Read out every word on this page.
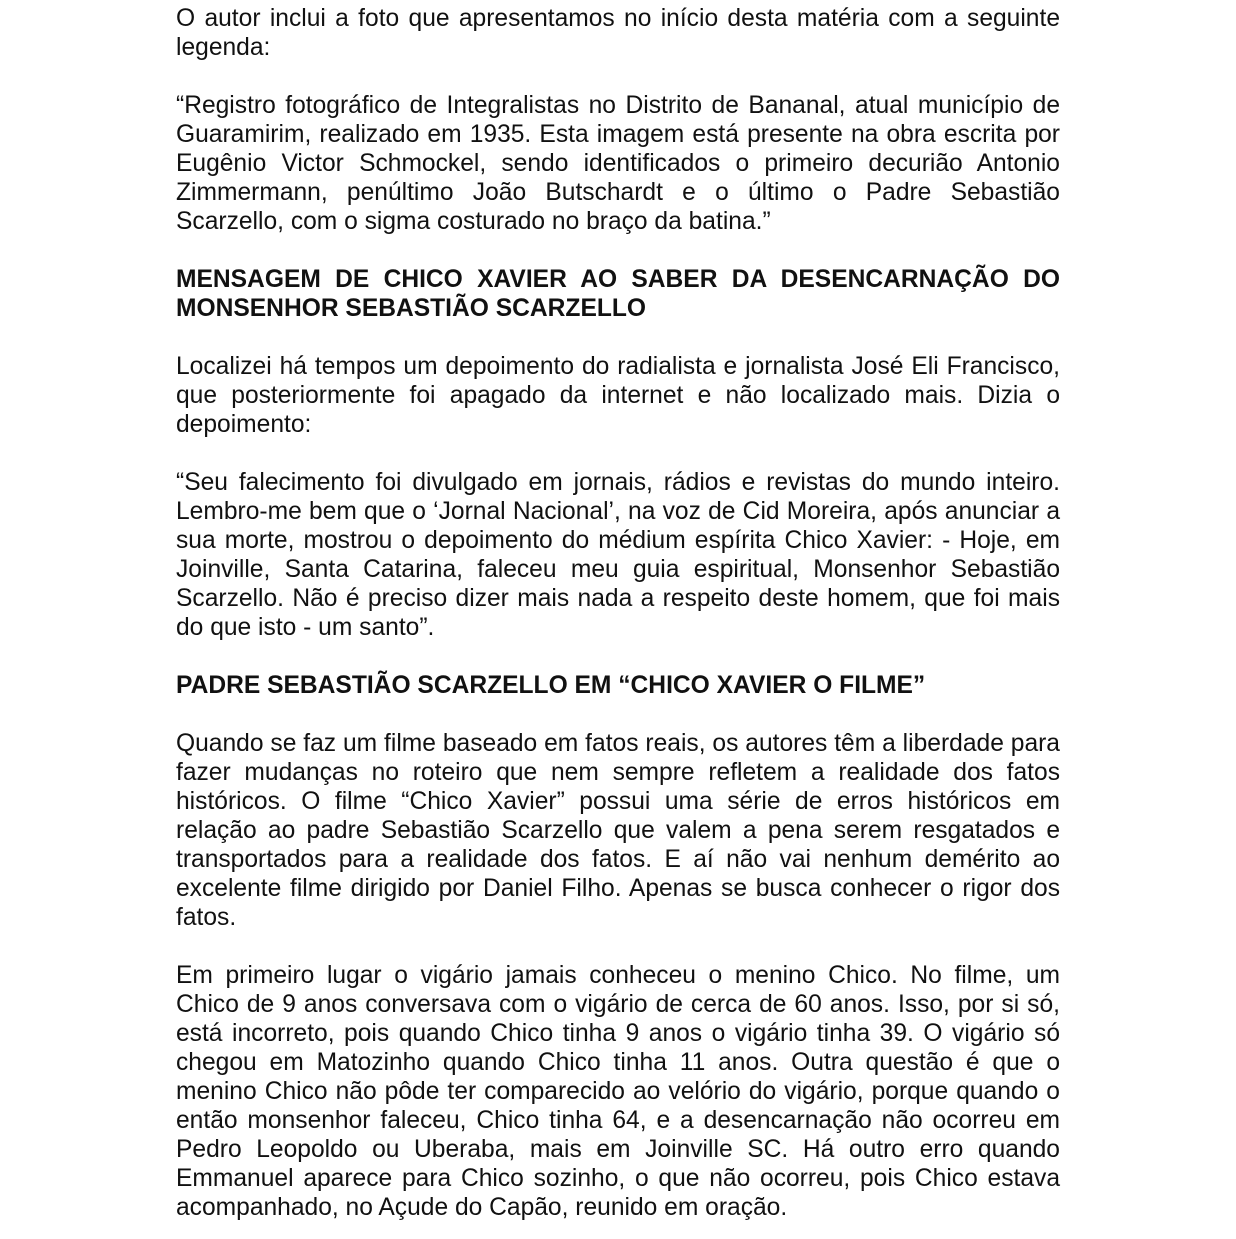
O autor inclui a foto que apresentamos no início desta matéria com a seguinte legenda:

“Registro fotográfico de Integralistas no Distrito de Bananal, atual município de Guaramirim, realizado em 1935. Esta imagem está presente na obra escrita por Eugênio Victor Schmockel, sendo identificados o primeiro decurião Antonio Zimmermann, penúltimo João Butschardt e o último o Padre Sebastião Scarzello, com o sigma costurado no braço da batina.”

MENSAGEM DE CHICO XAVIER AO SABER DA DESENCARNAÇÃO DO MONSENHOR SEBASTIÃO SCARZELLO

Localizei há tempos um depoimento do radialista e jornalista José Eli Francisco, que posteriormente foi apagado da internet e não localizado mais. Dizia o depoimento:

“Seu falecimento foi divulgado em jornais, rádios e revistas do mundo inteiro. Lembro-me bem que o ‘Jornal Nacional’, na voz de Cid Moreira, após anunciar a sua morte, mostrou o depoimento do médium espírita Chico Xavier: - Hoje, em Joinville, Santa Catarina, faleceu meu guia espiritual, Monsenhor Sebastião Scarzello. Não é preciso dizer mais nada a respeito deste homem, que foi mais do que isto - um santo”.

PADRE SEBASTIÃO SCARZELLO EM “CHICO XAVIER O FILME”

Quando se faz um filme baseado em fatos reais, os autores têm a liberdade para fazer mudanças no roteiro que nem sempre refletem a realidade dos fatos históricos. O filme “Chico Xavier” possui uma série de erros históricos em relação ao padre Sebastião Scarzello que valem a pena serem resgatados e transportados para a realidade dos fatos. E aí não vai nenhum demérito ao excelente filme dirigido por Daniel Filho. Apenas se busca conhecer o rigor dos fatos.

Em primeiro lugar o vigário jamais conheceu o menino Chico. No filme, um Chico de 9 anos conversava com o vigário de cerca de 60 anos. Isso, por si só, está incorreto, pois quando Chico tinha 9 anos o vigário tinha 39. O vigário só chegou em Matozinho quando Chico tinha 11 anos. Outra questão é que o menino Chico não pôde ter comparecido ao velório do vigário, porque quando o então monsenhor faleceu, Chico tinha 64, e a desencarnação não ocorreu em Pedro Leopoldo ou Uberaba, mais em Joinville SC. Há outro erro quando Emmanuel aparece para Chico sozinho, o que não ocorreu, pois Chico estava acompanhado, no Açude do Capão, reunido em oração.
